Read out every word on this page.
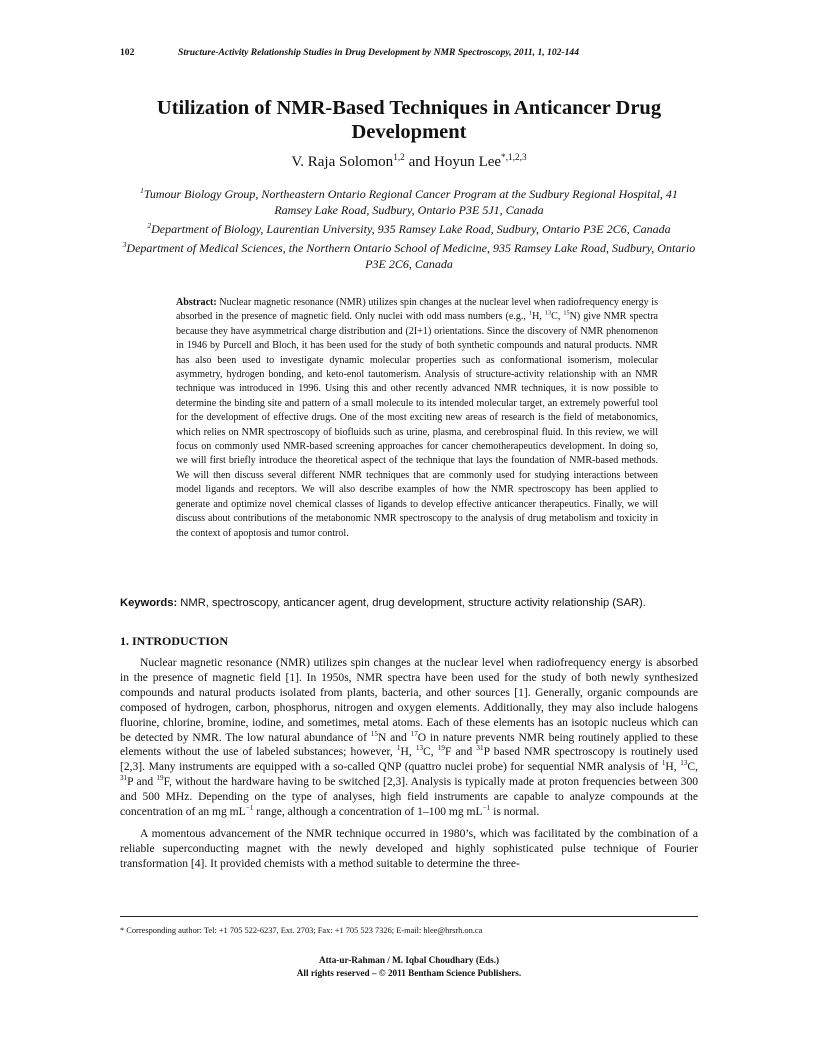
102	Structure-Activity Relationship Studies in Drug Development by NMR Spectroscopy, 2011, 1, 102-144
Utilization of NMR-Based Techniques in Anticancer Drug Development
V. Raja Solomon$^{1,2}$ and Hoyun Lee$^{*,1,2,3}$

$^1$Tumour Biology Group, Northeastern Ontario Regional Cancer Program at the Sudbury Regional Hospital, 41 Ramsey Lake Road, Sudbury, Ontario P3E 5J1, Canada

$^2$Department of Biology, Laurentian University, 935 Ramsey Lake Road, Sudbury, Ontario P3E 2C6, Canada

$^3$Department of Medical Sciences, the Northern Ontario School of Medicine, 935 Ramsey Lake Road, Sudbury, Ontario P3E 2C6, Canada

Abstract: Nuclear magnetic resonance (NMR) utilizes spin changes at the nuclear level when radiofrequency energy is absorbed in the presence of magnetic field. Only nuclei with odd mass numbers (e.g., $^1$H, $^{13}$C, $^{15}$N) give NMR spectra because they have asymmetrical charge distribution and (2I+1) orientations. Since the discovery of NMR phenomenon in 1946 by Purcell and Bloch, it has been used for the study of both synthetic compounds and natural products. NMR has also been used to investigate dynamic molecular properties such as conformational isomerism, molecular asymmetry, hydrogen bonding, and keto-enol tautomerism. Analysis of structure-activity relationship with an NMR technique was introduced in 1996. Using this and other recently advanced NMR techniques, it is now possible to determine the binding site and pattern of a small molecule to its intended molecular target, an extremely powerful tool for the development of effective drugs. One of the most exciting new areas of research is the field of metabonomics, which relies on NMR spectroscopy of biofluids such as urine, plasma, and cerebrospinal fluid. In this review, we will focus on commonly used NMR-based screening approaches for cancer chemotherapeutics development. In doing so, we will first briefly introduce the theoretical aspect of the technique that lays the foundation of NMR-based methods. We will then discuss several different NMR techniques that are commonly used for studying interactions between model ligands and receptors. We will also describe examples of how the NMR spectroscopy has been applied to generate and optimize novel chemical classes of ligands to develop effective anticancer therapeutics. Finally, we will discuss about contributions of the metabonomic NMR spectroscopy to the analysis of drug metabolism and toxicity in the context of apoptosis and tumor control.

Keywords: NMR, spectroscopy, anticancer agent, drug development, structure activity relationship (SAR).
1. INTRODUCTION

Nuclear magnetic resonance (NMR) utilizes spin changes at the nuclear level when radiofrequency energy is absorbed in the presence of magnetic field [1]. In 1950s, NMR spectra have been used for the study of both newly synthesized compounds and natural products isolated from plants, bacteria, and other sources [1]. Generally, organic compounds are composed of hydrogen, carbon, phosphorus, nitrogen and oxygen elements. Additionally, they may also include halogens fluorine, chlorine, bromine, iodine, and sometimes, metal atoms. Each of these elements has an isotopic nucleus which can be detected by NMR. The low natural abundance of $^{15}$N and $^{17}$O in nature prevents NMR being routinely applied to these elements without the use of labeled substances; however, $^1$H, $^{13}$C, $^{19}$F and $^{31}$P based NMR spectroscopy is routinely used [2,3]. Many instruments are equipped with a so-called QNP (quattro nuclei probe) for sequential NMR analysis of $^1$H, $^{13}$C, $^{31}$P and $^{19}$F, without the hardware having to be switched [2,3]. Analysis is typically made at proton frequencies between 300 and 500 MHz. Depending on the type of analyses, high field instruments are capable to analyze compounds at the concentration of an mg $mL^{-1}$ range, although a concentration of 1–100 mg $mL^{-1}$ is normal.

A momentous advancement of the NMR technique occurred in 1980’s, which was facilitated by the combination of a reliable superconducting magnet with the newly developed and highly sophisticated pulse technique of Fourier transformation [4]. It provided chemists with a method suitable to determine the three-

* Corresponding author: Tel: +1 705 522-6237, Ext. 2703; Fax: +1 705 523 7326; E-mail: hlee@hrsrh.on.ca
Atta-ur-Rahman / M. Iqbal Choudhary (Eds.)
All rights reserved – © 2011 Bentham Science Publishers.
